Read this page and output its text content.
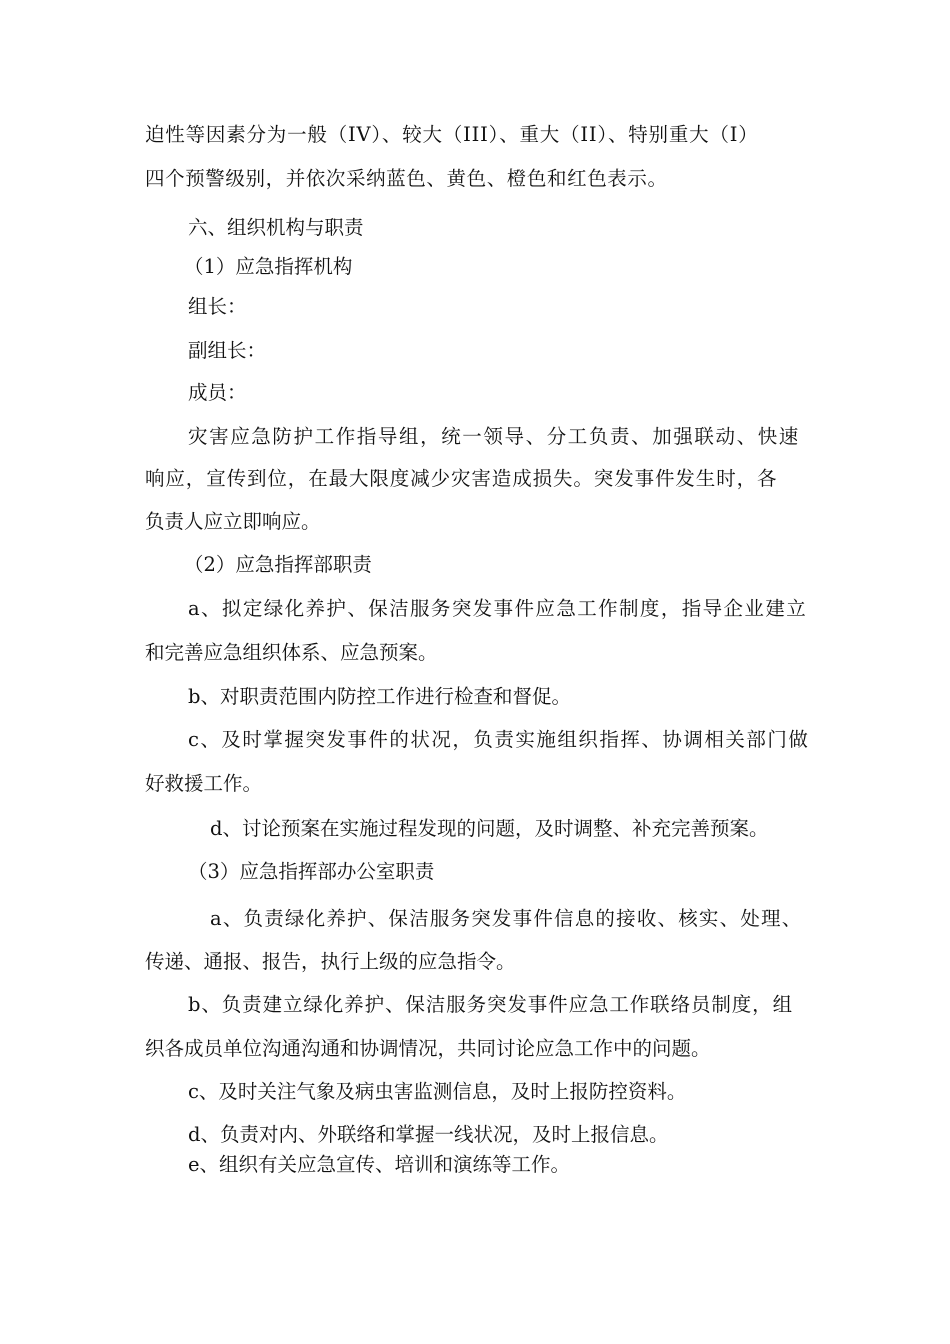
迫性等因素分为一般（IV）、较大（III）、重大（II）、特别重大（I）
四个预警级别，并依次采纳蓝色、黄色、橙色和红色表示。
六、组织机构与职责
（1）应急指挥机构
组长：
副组长：
成员：
灾害应急防护工作指导组，统一领导、分工负责、加强联动、快速
响应，宣传到位，在最大限度减少灾害造成损失。突发事件发生时，各
负责人应立即响应。
（2）应急指挥部职责
a、拟定绿化养护、保洁服务突发事件应急工作制度，指导企业建立
和完善应急组织体系、应急预案。
b、对职责范围内防控工作进行检查和督促。
c、及时掌握突发事件的状况，负责实施组织指挥、协调相关部门做
好救援工作。
d、讨论预案在实施过程发现的问题，及时调整、补充完善预案。
（3）应急指挥部办公室职责
a、负责绿化养护、保洁服务突发事件信息的接收、核实、处理、
传递、通报、报告，执行上级的应急指令。
b、负责建立绿化养护、保洁服务突发事件应急工作联络员制度，组
织各成员单位沟通沟通和协调情况，共同讨论应急工作中的问题。
c、及时关注气象及病虫害监测信息，及时上报防控资料。
d、负责对内、外联络和掌握一线状况，及时上报信息。
e、组织有关应急宣传、培训和演练等工作。
